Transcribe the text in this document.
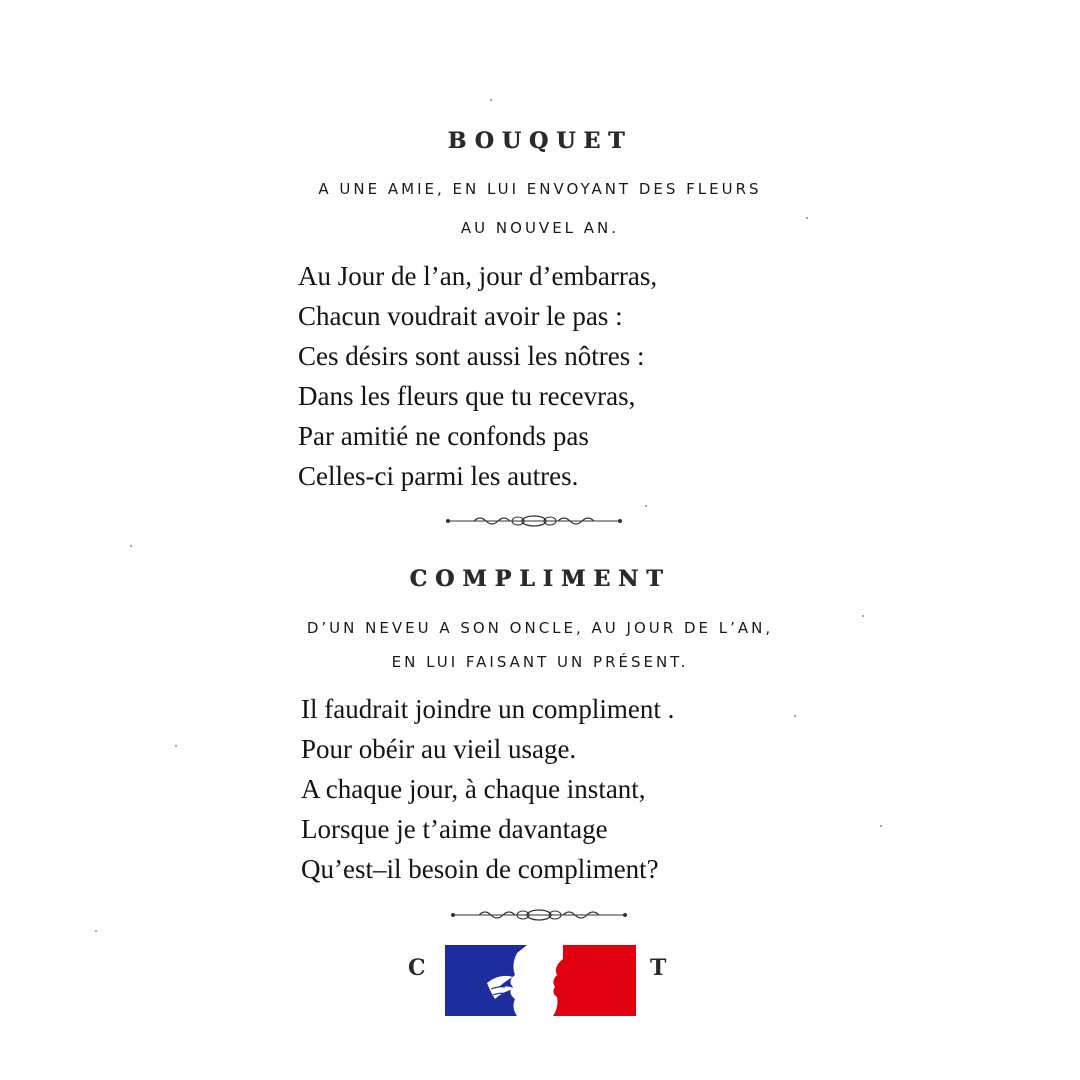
BOUQUET
A UNE AMIE, EN LUI ENVOYANT DES FLEURS
AU NOUVEL AN.
Au Jour de l’an, jour d’embarras,
Chacun voudrait avoir le pas :
Ces désirs sont aussi les nôtres :
Dans les fleurs que tu recevras,
Par amitié ne confonds pas
Celles-ci parmi les autres.
COMPLIMENT
D’UN NEVEU A SON ONCLE, AU JOUR DE L’AN,
EN LUI FAISANT UN PRÉSENT.
Il faudrait joindre un compliment .
Pour obéir au vieil usage.
A chaque jour, à chaque instant,
Lorsque je t’aime davantage
Qu’est–il besoin de compliment?
C	T
